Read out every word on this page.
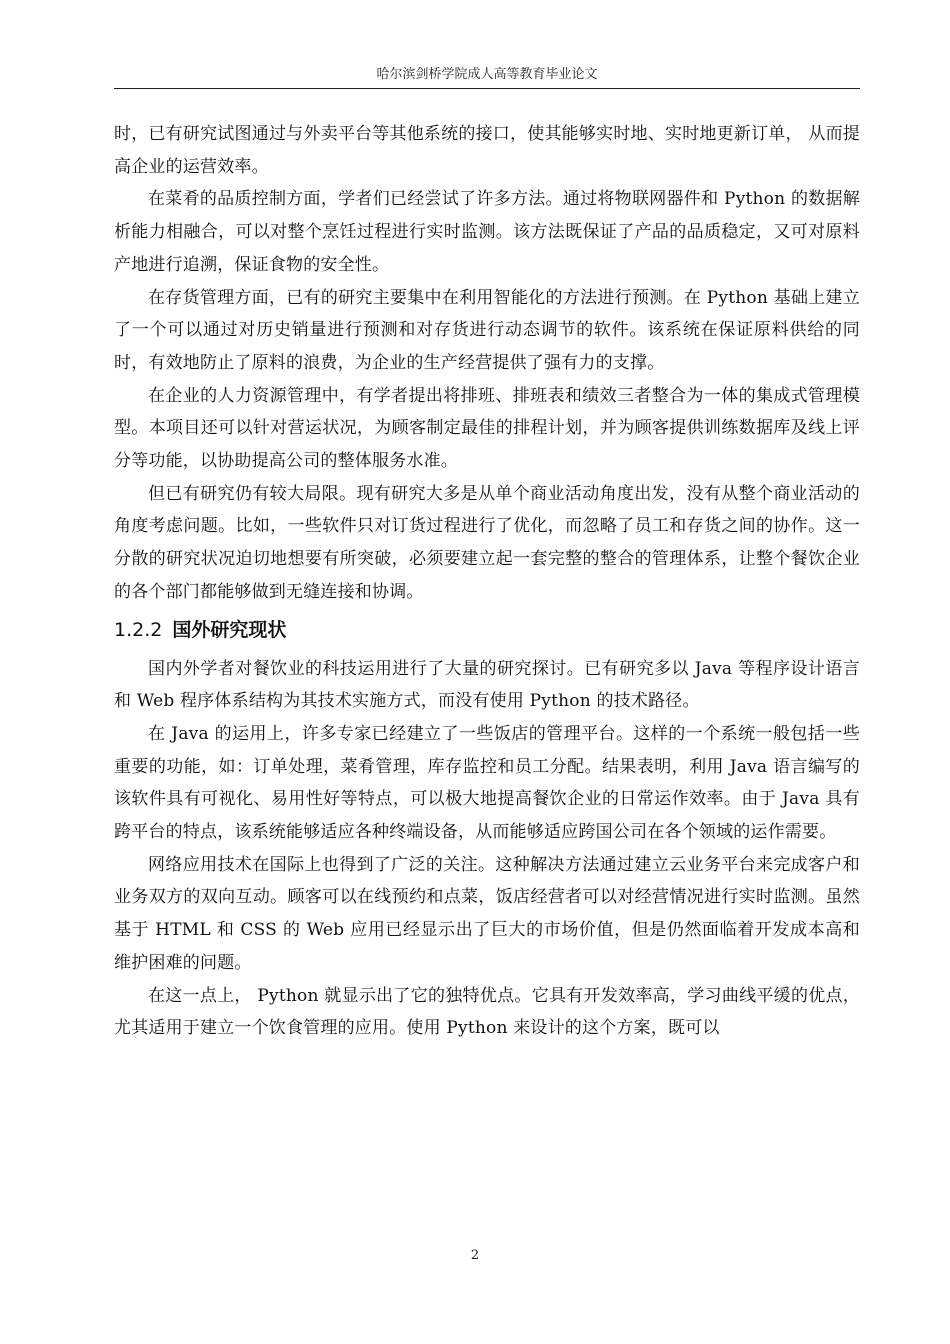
哈尔滨剑桥学院成人高等教育毕业论文

时，已有研究试图通过与外卖平台等其他系统的接口，使其能够实时地、实时地更新订单， 从而提高企业的运营效率。

在菜肴的品质控制方面，学者们已经尝试了许多方法。通过将物联网器件和 Python 的数据解析能力相融合，可以对整个烹饪过程进行实时监测。该方法既保证了产品的品质稳定，又可对原料产地进行追溯，保证食物的安全性。

在存货管理方面，已有的研究主要集中在利用智能化的方法进行预测。在 Python 基础上建立了一个可以通过对历史销量进行预测和对存货进行动态调节的软件。该系统在保证原料供给的同时，有效地防止了原料的浪费，为企业的生产经营提供了强有力的支撑。

在企业的人力资源管理中，有学者提出将排班、排班表和绩效三者整合为一体的集成式管理模型。本项目还可以针对营运状况，为顾客制定最佳的排程计划，并为顾客提供训练数据库及线上评分等功能，以协助提高公司的整体服务水准。

但已有研究仍有较大局限。现有研究大多是从单个商业活动角度出发，没有从整个商业活动的角度考虑问题。比如，一些软件只对订货过程进行了优化，而忽略了员工和存货之间的协作。这一分散的研究状况迫切地想要有所突破，必须要建立起一套完整的整合的管理体系，让整个餐饮企业的各个部门都能够做到无缝连接和协调。

1.2.2 国外研究现状

国内外学者对餐饮业的科技运用进行了大量的研究探讨。已有研究多以 Java 等程序设计语言和 Web 程序体系结构为其技术实施方式，而没有使用 Python 的技术路径。

在 Java 的运用上，许多专家已经建立了一些饭店的管理平台。这样的一个系统一般包括一些重要的功能，如：订单处理，菜肴管理，库存监控和员工分配。结果表明，利用 Java 语言编写的该软件具有可视化、易用性好等特点，可以极大地提高餐饮企业的日常运作效率。由于 Java 具有跨平台的特点，该系统能够适应各种终端设备，从而能够适应跨国公司在各个领域的运作需要。

网络应用技术在国际上也得到了广泛的关注。这种解决方法通过建立云业务平台来完成客户和业务双方的双向互动。顾客可以在线预约和点菜，饭店经营者可以对经营情况进行实时监测。虽然基于 HTML 和 CSS 的 Web 应用已经显示出了巨大的市场价值，但是仍然面临着开发成本高和维护困难的问题。

在这一点上， Python 就显示出了它的独特优点。它具有开发效率高，学习曲线平缓的优点，尤其适用于建立一个饮食管理的应用。使用 Python 来设计的这个方案，既可以

2
